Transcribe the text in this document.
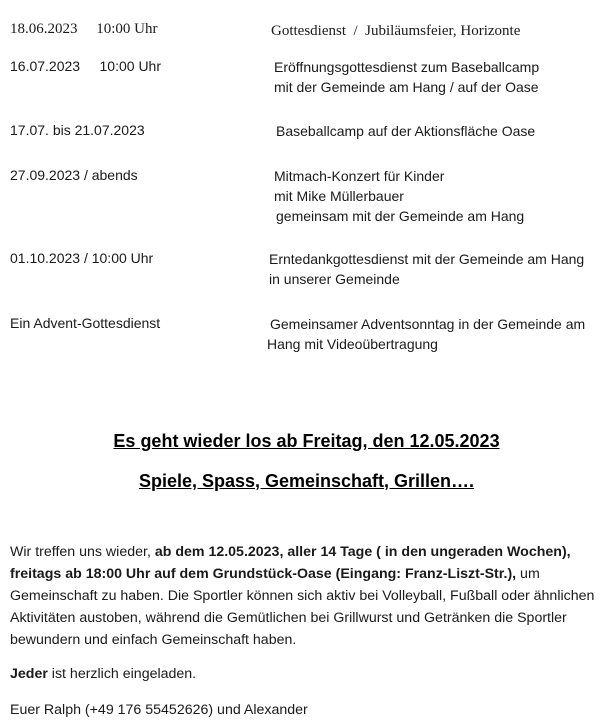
18.06.2023     10:00 Uhr	Gottesdienst  /  Jubiläumsfeier, Horizonte
16.07.2023     10:00 Uhr	Eröffnungsgottesdienst zum Baseballcamp
mit der Gemeinde am Hang / auf der Oase
17.07. bis 21.07.2023	Baseballcamp auf der Aktionsfläche Oase
27.09.2023 / abends	Mitmach-Konzert für Kinder
mit Mike Müllerbauer
gemeinsam mit der Gemeinde am Hang
01.10.2023 / 10:00 Uhr	Erntedankgottesdienst mit der Gemeinde am Hang
in unserer Gemeinde
Ein Advent-Gottesdienst	Gemeinsamer Adventsonntag in der Gemeinde am
Hang mit Videoübertragung
Es geht wieder los ab Freitag, den 12.05.2023
Spiele, Spass, Gemeinschaft, Grillen….

Wir treffen uns wieder, ab dem 12.05.2023, aller 14 Tage ( in den ungeraden Wochen), freitags ab 18:00 Uhr auf dem Grundstück-Oase (Eingang: Franz-Liszt-Str.), um Gemeinschaft zu haben. Die Sportler können sich aktiv bei Volleyball, Fußball oder ähnlichen Aktivitäten austoben, während die Gemütlichen bei Grillwurst und Getränken die Sportler bewundern und einfach Gemeinschaft haben.

Jeder ist herzlich eingeladen.

Euer Ralph (+49 176 55452626) und Alexander
